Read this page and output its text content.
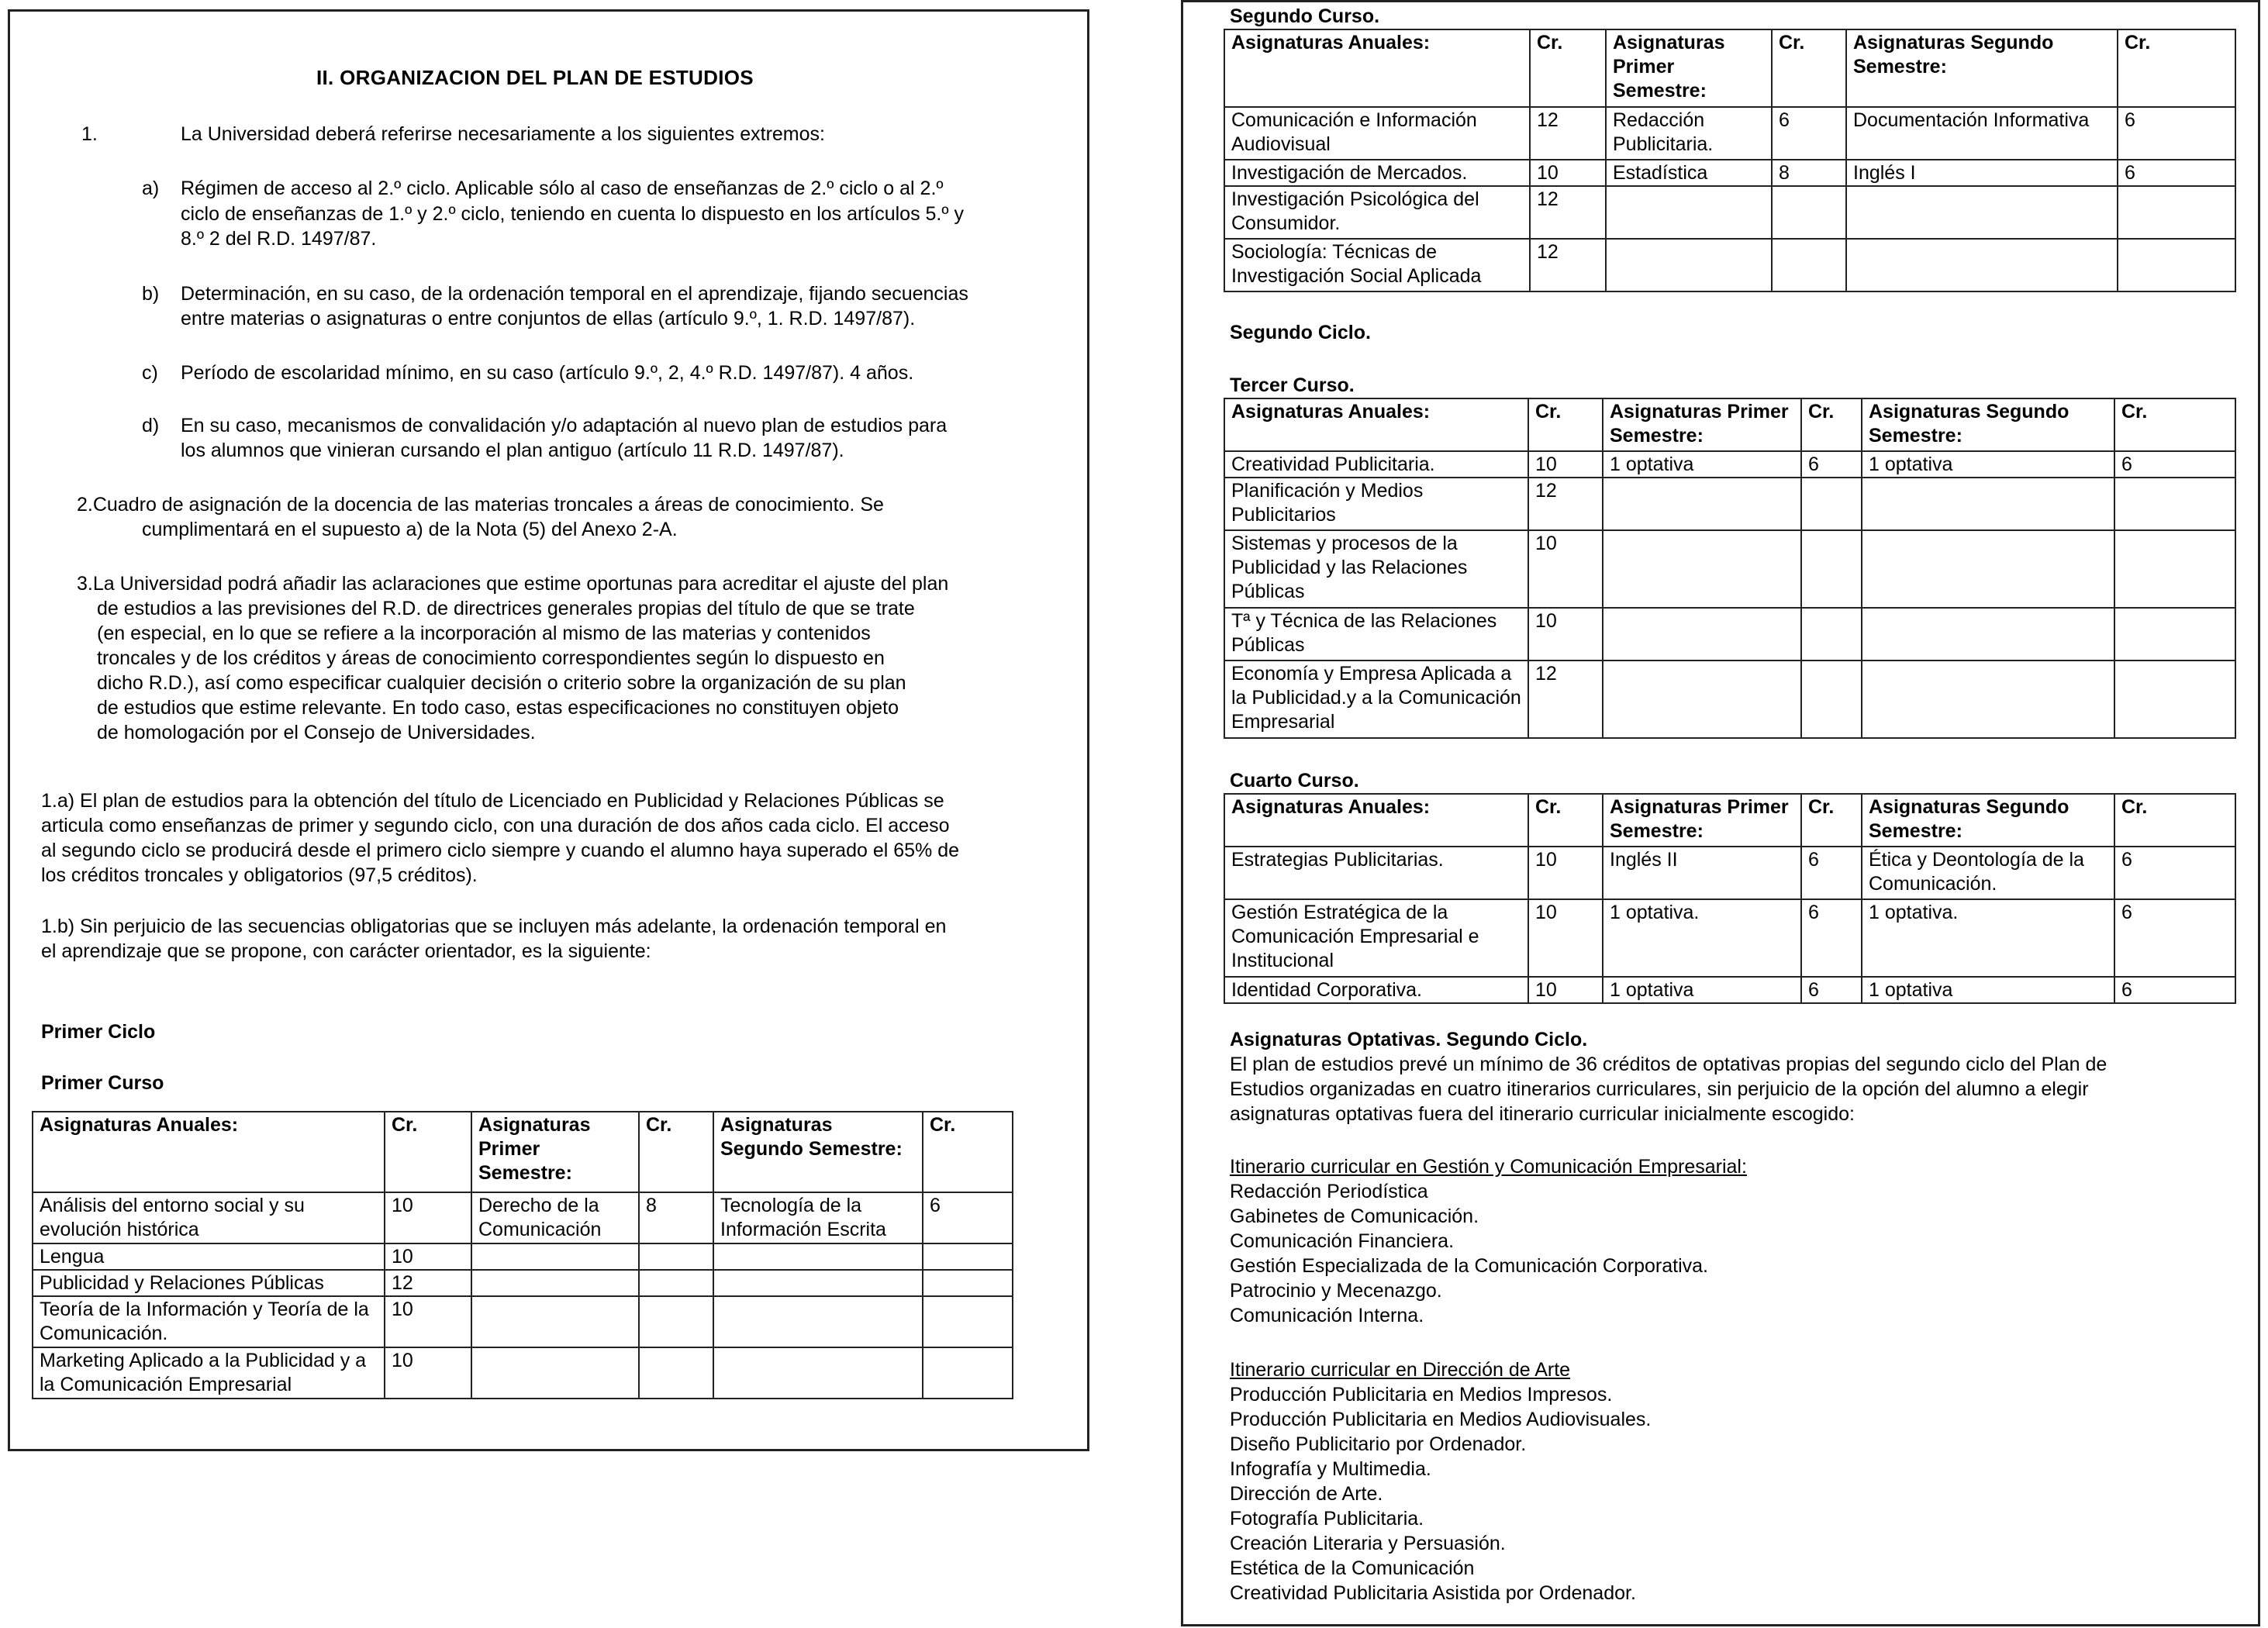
II. ORGANIZACION DEL PLAN DE ESTUDIOS
1.	La Universidad deberá referirse necesariamente a los siguientes extremos:
a) Régimen de acceso al 2.º ciclo. Aplicable sólo al caso de enseñanzas de 2.º ciclo o al 2.º
ciclo de enseñanzas de 1.º y 2.º ciclo, teniendo en cuenta lo dispuesto en los artículos 5.º y
8.º 2 del R.D. 1497/87.
b) Determinación, en su caso, de la ordenación temporal en el aprendizaje, fijando secuencias
entre materias o asignaturas o entre conjuntos de ellas (artículo 9.º, 1. R.D. 1497/87).
c) Período de escolaridad mínimo, en su caso (artículo 9.º, 2, 4.º R.D. 1497/87). 4 años.
d) En su caso, mecanismos de convalidación y/o adaptación al nuevo plan de estudios para
los alumnos que vinieran cursando el plan antiguo (artículo 11 R.D. 1497/87).
2.Cuadro de asignación de la docencia de las materias troncales a áreas de conocimiento. Se
cumplimentará en el supuesto a) de la Nota (5) del Anexo 2-A.
3.La Universidad podrá añadir las aclaraciones que estime oportunas para acreditar el ajuste del plan
de estudios a las previsiones del R.D. de directrices generales propias del título de que se trate
(en especial, en lo que se refiere a la incorporación al mismo de las materias y contenidos
troncales y de los créditos y áreas de conocimiento correspondientes según lo dispuesto en
dicho R.D.), así como especificar cualquier decisión o criterio sobre la organización de su plan
de estudios que estime relevante. En todo caso, estas especificaciones no constituyen objeto
de homologación por el Consejo de Universidades.
1.a) El plan de estudios para la obtención del título de Licenciado en Publicidad y Relaciones Públicas se
articula como enseñanzas de primer y segundo ciclo, con una duración de dos años cada ciclo. El acceso
al segundo ciclo se producirá desde el primero ciclo siempre y cuando el alumno haya superado el 65% de
los créditos troncales y obligatorios (97,5 créditos).
1.b) Sin perjuicio de las secuencias obligatorias que se incluyen más adelante, la ordenación temporal en
el aprendizaje que se propone, con carácter orientador, es la siguiente:
Primer Ciclo
Primer Curso
Asignaturas Anuales:	Cr.	Asignaturas Primer Semestre:	Cr.	Asignaturas Segundo Semestre:	Cr.
Análisis del entorno social y su evolución histórica	10	Derecho de la Comunicación	8	Tecnología de la Información Escrita	6
Lengua	10				
Publicidad y Relaciones Públicas	12				
Teoría de la Información y Teoría de la Comunicación.	10				
Marketing Aplicado a la Publicidad y a la Comunicación Empresarial	10				
Segundo Curso.
Asignaturas Anuales:	Cr.	Asignaturas Primer Semestre:	Cr.	Asignaturas Segundo Semestre:	Cr.
Comunicación e Información Audiovisual	12	Redacción Publicitaria.	6	Documentación Informativa	6
Investigación de Mercados.	10	Estadística	8	Inglés I	6
Investigación Psicológica del Consumidor.	12				
Sociología: Técnicas de Investigación Social Aplicada	12				
Segundo Ciclo.
Tercer Curso.
Asignaturas Anuales:	Cr.	Asignaturas Primer Semestre:	Cr.	Asignaturas Segundo Semestre:	Cr.
Creatividad Publicitaria.	10	1 optativa	6	1 optativa	6
Planificación y Medios Publicitarios	12				
Sistemas y procesos de la Publicidad y las Relaciones Públicas	10				
Tª y Técnica de las Relaciones Públicas	10				
Economía y Empresa Aplicada a la Publicidad.y a la Comunicación Empresarial	12				
Cuarto Curso.
Asignaturas Anuales:	Cr.	Asignaturas Primer Semestre:	Cr.	Asignaturas Segundo Semestre:	Cr.
Estrategias Publicitarias.	10	Inglés II	6	Ética y Deontología de la Comunicación.	6
Gestión Estratégica de la Comunicación Empresarial e Institucional	10	1 optativa.	6	1 optativa.	6
Identidad Corporativa.	10	1 optativa	6	1 optativa	6
Asignaturas Optativas. Segundo Ciclo.
El plan de estudios prevé un mínimo de 36 créditos de optativas propias del segundo ciclo del Plan de
Estudios organizadas en cuatro itinerarios curriculares, sin perjuicio de la opción del alumno a elegir
asignaturas optativas fuera del itinerario curricular inicialmente escogido:
Itinerario curricular en Gestión y Comunicación Empresarial:
Redacción Periodística
Gabinetes de Comunicación.
Comunicación Financiera.
Gestión Especializada de la Comunicación Corporativa.
Patrocinio y Mecenazgo.
Comunicación Interna.
Itinerario curricular en Dirección de Arte
Producción Publicitaria en Medios Impresos.
Producción Publicitaria en Medios Audiovisuales.
Diseño Publicitario por Ordenador.
Infografía y Multimedia.
Dirección de Arte.
Fotografía Publicitaria.
Creación Literaria y Persuasión.
Estética de la Comunicación
Creatividad Publicitaria Asistida por Ordenador.
